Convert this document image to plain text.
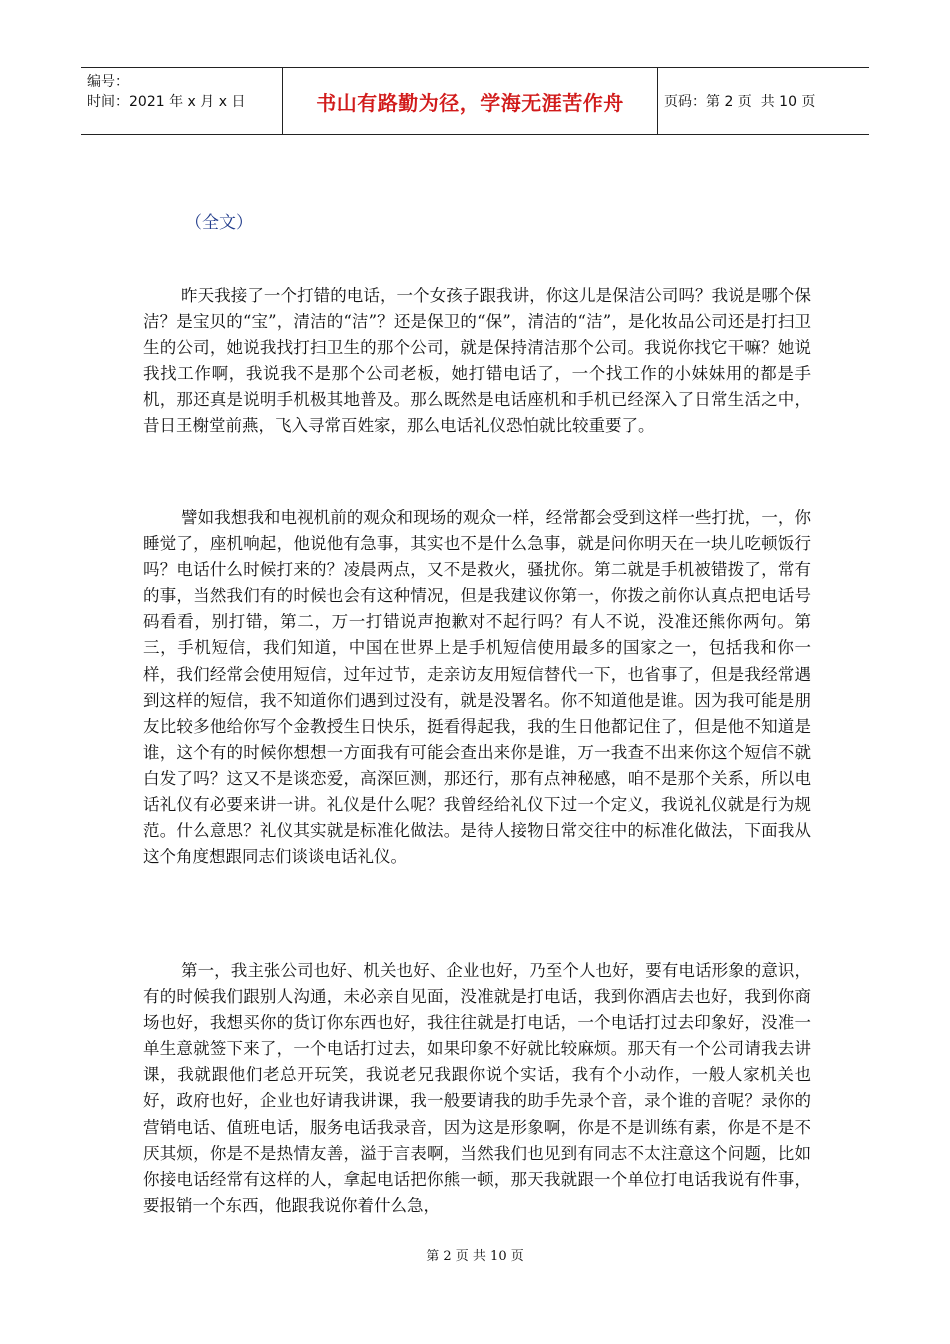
编号：
时间：2021 年 x 月 x 日	书山有路勤为径，学海无涯苦作舟	页码：第 2 页  共 10 页
（全文）

昨天我接了一个打错的电话，一个女孩子跟我讲，你这儿是保洁公司吗？我说是哪个保洁？是宝贝的“宝”，清洁的“洁”？还是保卫的“保”，清洁的“洁”，是化妆品公司还是打扫卫生的公司，她说我找打扫卫生的那个公司，就是保持清洁那个公司。我说你找它干嘛？她说我找工作啊，我说我不是那个公司老板，她打错电话了，一个找工作的小妹妹用的都是手机，那还真是说明手机极其地普及。那么既然是电话座机和手机已经深入了日常生活之中，昔日王榭堂前燕，飞入寻常百姓家，那么电话礼仪恐怕就比较重要了。

譬如我想我和电视机前的观众和现场的观众一样，经常都会受到这样一些打扰，一，你睡觉了，座机响起，他说他有急事，其实也不是什么急事，就是问你明天在一块儿吃顿饭行吗？电话什么时候打来的？凌晨两点，又不是救火，骚扰你。第二就是手机被错拨了，常有的事，当然我们有的时候也会有这种情况，但是我建议你第一，你拨之前你认真点把电话号码看看，别打错，第二，万一打错说声抱歉对不起行吗？有人不说，没准还熊你两句。第三，手机短信，我们知道，中国在世界上是手机短信使用最多的国家之一，包括我和你一样，我们经常会使用短信，过年过节，走亲访友用短信替代一下，也省事了，但是我经常遇到这样的短信，我不知道你们遇到过没有，就是没署名。你不知道他是谁。因为我可能是朋友比较多他给你写个金教授生日快乐，挺看得起我，我的生日他都记住了，但是他不知道是谁，这个有的时候你想想一方面我有可能会查出来你是谁，万一我查不出来你这个短信不就白发了吗？这又不是谈恋爱，高深叵测，那还行，那有点神秘感，咱不是那个关系，所以电话礼仪有必要来讲一讲。礼仪是什么呢？我曾经给礼仪下过一个定义，我说礼仪就是行为规范。什么意思？礼仪其实就是标准化做法。是待人接物日常交往中的标准化做法，下面我从这个角度想跟同志们谈谈电话礼仪。

第一，我主张公司也好、机关也好、企业也好，乃至个人也好，要有电话形象的意识，有的时候我们跟别人沟通，未必亲自见面，没准就是打电话，我到你酒店去也好，我到你商场也好，我想买你的货订你东西也好，我往往就是打电话，一个电话打过去印象好，没准一单生意就签下来了，一个电话打过去，如果印象不好就比较麻烦。那天有一个公司请我去讲课，我就跟他们老总开玩笑，我说老兄我跟你说个实话，我有个小动作，一般人家机关也好，政府也好，企业也好请我讲课，我一般要请我的助手先录个音，录个谁的音呢？录你的营销电话、值班电话，服务电话我录音，因为这是形象啊，你是不是训练有素，你是不是不厌其烦，你是不是热情友善，溢于言表啊，当然我们也见到有同志不太注意这个问题，比如你接电话经常有这样的人，拿起电话把你熊一顿，那天我就跟一个单位打电话我说有件事，要报销一个东西，他跟我说你着什么急，

第 2 页 共 10 页
